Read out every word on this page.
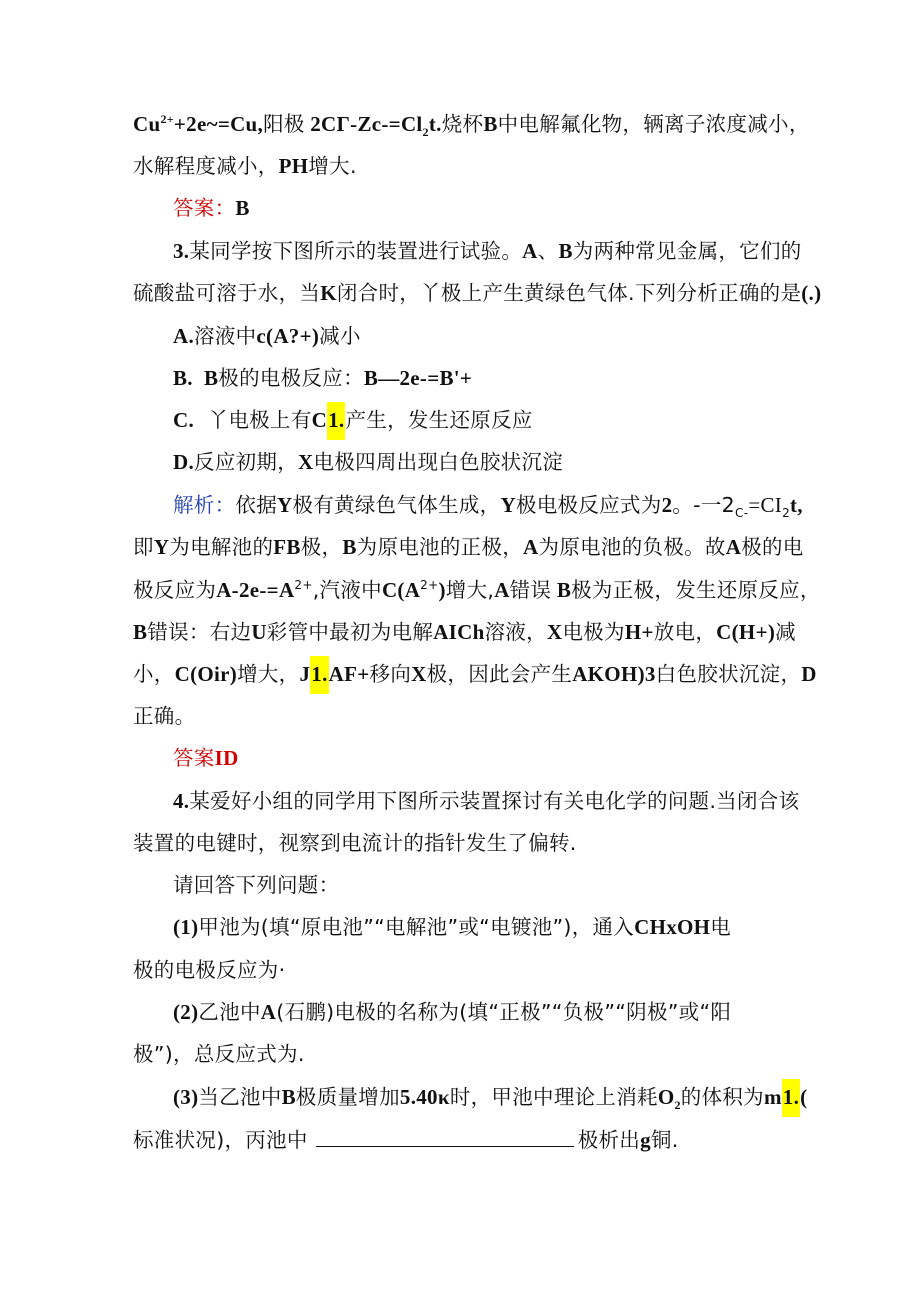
$Cu^{2+}+2e\sim=Cu$,阳极 $2C\Gamma-Zc-=Cl_2t$.烧杯B中电解氟化物，辆离子浓度减小，
水解程度减小，PH增大.
答案：B
3.某同学按下图所示的装置进行试验。A、B为两种常见金属，它们的
硫酸盐可溶于水，当K闭合时，丫极上产生黄绿色气体.下列分析正确的是(.)
A.溶液中c(A?+)减小
B.  B极的电极反应：B—2e-=B'+
C.  丫电极上有C1.产生，发生还原反应
D.反应初期，X电极四周出现白色胶状沉淀
解析：依据Y极有黄绿色气体生成，Y极电极反应式为2。-一$2_{C-}=CI_2t$,
即Y为电解池的FB极，B为原电池的正极，A为原电池的负极。故A极的电
极反应为$A-2e-=A^{2+}$,汽液中$C(A^{2+})$增大,A错误 B极为正极，发生还原反应，
B错误：右边U彩管中最初为电解AICh溶液，X电极为H+放电，C(H+)减
小，C(Oir)增大，J1.AF+移向X极，因此会产生AKOH)3白色胶状沉淀，D
正确。
答案ID
4.某爱好小组的同学用下图所示装置探讨有关电化学的问题.当闭合该
装置的电键时，视察到电流计的指针发生了偏转.
请回答下列问题：
(1)甲池为(填“原电池”“电解池”或“电镀池”)，通入CHxOH电
极的电极反应为·
(2)乙池中A(石鹏)电极的名称为(填“正极”“负极”“阴极”或“阳
极”)，总反应式为.
(3)当乙池中B极质量增加5.40κ时，甲池中理论上消耗$O_2$的体积为m1.(
标准状况)，丙池中	极析出g铜.
